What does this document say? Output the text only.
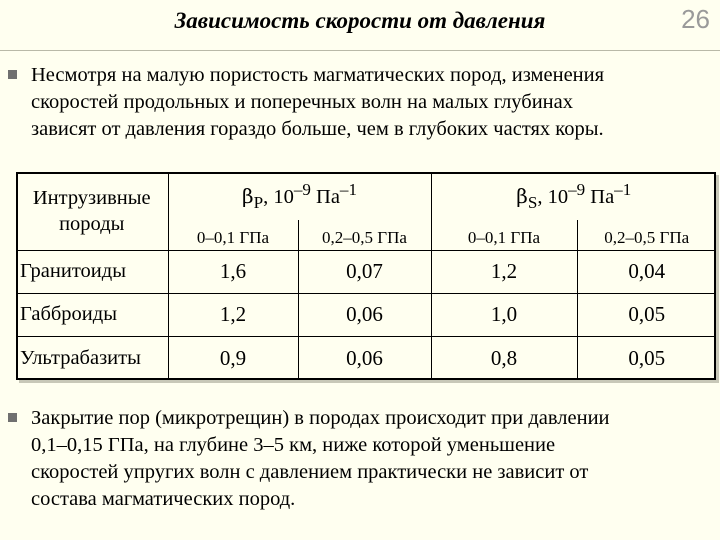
Зависимость скорости от давления	26
Несмотря на малую пористость магматических пород, изменения
скоростей продольных и поперечных волн на малых глубинах
зависят от давления гораздо больше, чем в глубоких частях коры.
Интрузивные породы	$\beta_P$, $10^{-9}$ $Па^{-1}$		$\beta_S$, $10^{-9}$ $Па^{-1}$
	0–0,1 ГПа	0,2–0,5 ГПа	0–0,1 ГПа	0,2–0,5 ГПа
Гранитоиды	1,6	0,07	1,2	0,04
Габброиды	1,2	0,06	1,0	0,05
Ультрабазиты	0,9	0,06	0,8	0,05
Закрытие пор (микротрещин) в породах происходит при давлении
0,1–0,15 ГПа, на глубине 3–5 км, ниже которой уменьшение
скоростей упругих волн с давлением практически не зависит от
состава магматических пород.
